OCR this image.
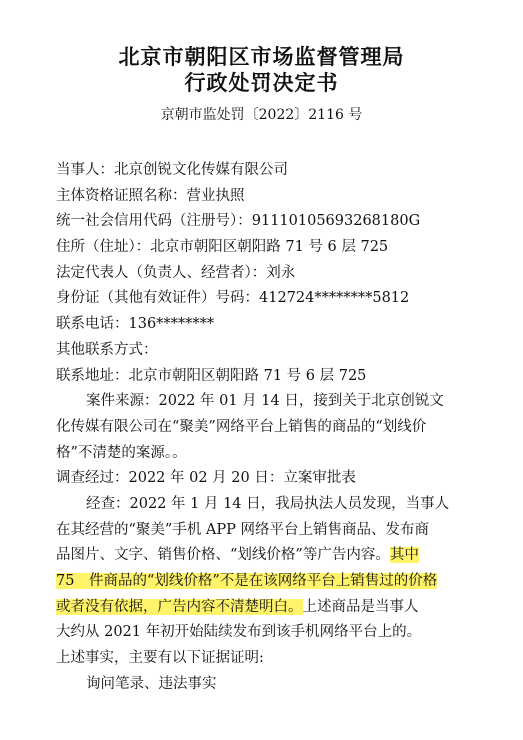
北京市朝阳区市场监督管理局
行政处罚决定书
京朝市监处罚〔2022〕2116 号
当事人：北京创锐文化传媒有限公司
主体资格证照名称：营业执照
统一社会信用代码（注册号）：91110105693268180G
住所（住址）：北京市朝阳区朝阳路 71 号 6 层 725
法定代表人（负责人、经营者）：刘永
身份证（其他有效证件）号码：412724********5812
联系电话：136********
其他联系方式：
联系地址：北京市朝阳区朝阳路 71 号 6 层 725
案件来源：2022 年 01 月 14 日，接到关于北京创锐文
化传媒有限公司在“聚美”网络平台上销售的商品的“划线价
格”不清楚的案源。。
调查经过：2022 年 02 月 20 日：立案审批表
经查：2022 年 1 月 14 日，我局执法人员发现，当事人
在其经营的“聚美”手机 APP 网络平台上销售商品、发布商
品图片、文字、销售价格、“划线价格”等广告内容。其中
75　件商品的“划线价格”不是在该网络平台上销售过的价格
或者没有依据，广告内容不清楚明白。上述商品是当事人
大约从 2021 年初开始陆续发布到该手机网络平台上的。
上述事实，主要有以下证据证明:
询问笔录、违法事实
